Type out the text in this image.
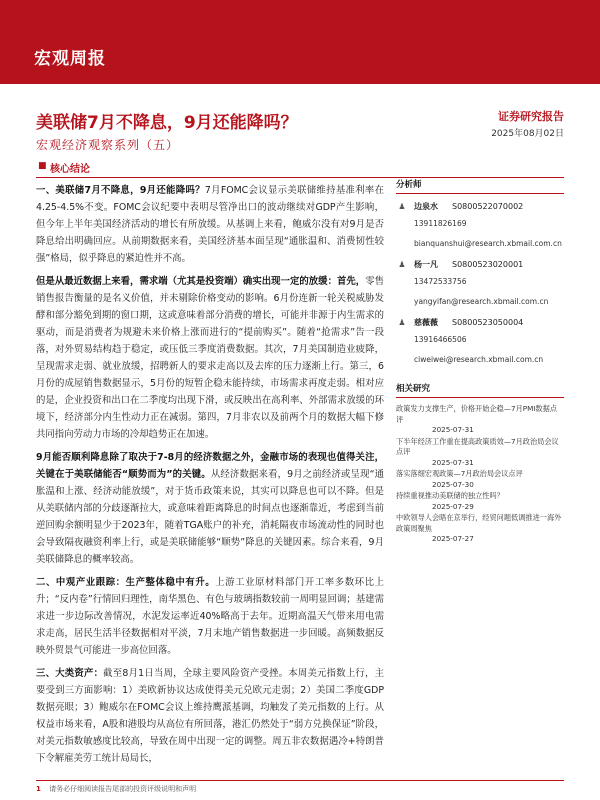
宏观周报
美联储7月不降息，9月还能降吗？
宏观经济观察系列（五）
证券研究报告
2025年08月02日
■ 核心结论

一、美联储7月不降息，9月还能降吗？7月FOMC会议显示美联储维持基准利率在4.25-4.5%不变。FOMC会议纪要中表明尽管净出口的波动继续对GDP产生影响，但今年上半年美国经济活动的增长有所放缓。从基调上来看，鲍威尔没有对9月是否降息给出明确回应。从前期数据来看，美国经济基本面呈现“通胀温和、消费韧性较强”格局，似乎降息的紧迫性并不高。

但是从最近数据上来看，需求端（尤其是投资端）确实出现一定的放缓：首先，零售销售报告衡量的是名义价值，并未剔除价格变动的影响。6月份连新一轮关税威胁发酵和部分豁免到期的窗口期，这或意味着部分消费的增长，可能并非源于内生需求的驱动，而是消费者为规避未来价格上涨而进行的“提前购买”。随着“抢需求”告一段落，对外贸易结构趋于稳定，或压低三季度消费数据。其次，7月美国制造业疲降，呈现需求走弱、就业放缓，招聘新人的要求走高以及去库的压力逐渐上行。第三，6月份的成屋销售数据显示，5月份的短暂企稳未能持续，市场需求再度走弱。相对应的是，企业投资和出口在二季度均出现下滑，或反映出在高利率、外部需求放缓的环境下，经济部分内生性动力正在减弱。第四，7月非农以及前两个月的数据大幅下修共同指向劳动力市场的冷却趋势正在加速。

9月能否顺利降息除了取决于7-8月的经济数据之外，金融市场的表现也值得关注，关键在于美联储能否“顺势而为”的关键。从经济数据来看，9月之前经济或呈现“通胀温和上涨、经济动能放缓”，对于货币政策来说，其实可以降息也可以不降。但是从美联储内部的分歧逐渐拉大，或意味着距离降息的时间点也逐渐靠近，考虑到当前逆回购余额明显少于2023年，随着TGA账户的补充，消耗隔夜市场流动性的同时也会导致隔夜融资利率上行，或是美联储能够“顺势”降息的关键因素。综合来看，9月美联储降息的概率较高。

二、中观产业跟踪：生产整体稳中有升。上游工业原材料部门开工率多数环比上升；“反内卷”行情回归理性，南华黑色、有色与玻璃指数较前一周明显回调；基建需求进一步边际改善情况，水泥发运率近40%略高于去年。近期高温天气带来用电需求走高，居民生活半径数据相对平淡，7月末地产销售数据进一步回暖。高频数据反映外贸景气可能进一步高位回落。

三、大类资产：截至8月1日当周，全球主要风险资产受挫。本周美元指数上行，主要受到三方面影响：1）美欧新协议达成使得美元兑欧元走弱；2）美国二季度GDP数据亮眼；3）鲍威尔在FOMC会议上维持鹰派基调，均触发了美元指数的上行。从权益市场来看，A股和港股均从高位有所回落，港汇仍然处于“弱方兑换保证”阶段，对美元指数敏感度比较高，导致在周中出现一定的调整。周五非农数据遇冷+特朗普下令解雇美劳工统计局局长，

分析师
♟	边泉水 S0800522070002
13911826169
bianquanshui@research.xbmail.com.cn
♟	杨一凡 S0800523020001
13472533756
yangyifan@research.xbmail.com.cn
♟	慈薇薇 S0800523050004
13916466506
ciweiwei@research.xbmail.com.cn
相关研究
政策发力支撑生产，价格开始企稳—7月PMI数据点评
2025-07-31
下半年经济工作重在提高政策质效—7月政治局会议点评
2025-07-31
落实落细宏观政策—7月政治局会议点评
2025-07-30
持续重视推动美联储的独立性吗？
2025-07-29
中欧领导人会晤在京举行，经贸问题低调推进一海外政策周聚焦
2025-07-27
1 请务必仔细阅读报告尾部的投资评级说明和声明
